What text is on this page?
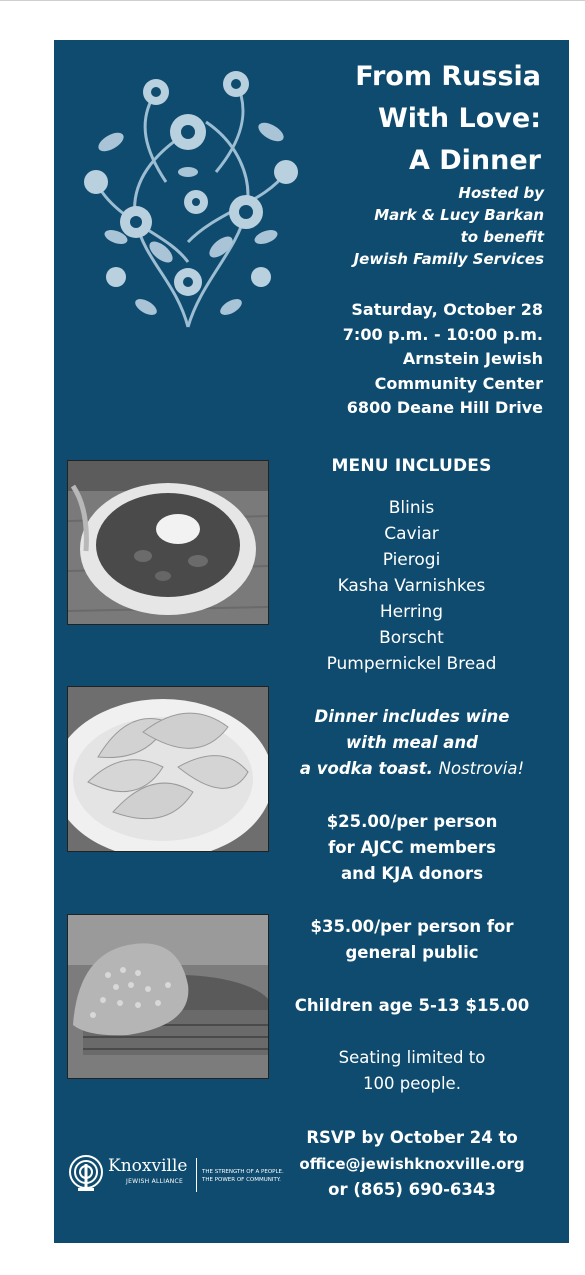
From Russia
With Love:
A Dinner
Hosted by
Mark & Lucy Barkan
to benefit
Jewish Family Services
Saturday, October 28
7:00 p.m. - 10:00 p.m.
Arnstein Jewish
Community Center
6800 Deane Hill Drive
MENU INCLUDES
Blinis
Caviar
Pierogi
Kasha Varnishkes
Herring
Borscht
Pumpernickel Bread
Dinner includes wine
with meal and
a vodka toast. Nostrovia!
$25.00/per person
for AJCC members
and KJA donors
$35.00/per person for
general public
Children age 5-13 $15.00
Seating limited to
100 people.
RSVP by October 24 to
office@jewishknoxville.org
or (865) 690-6343
Knoxville
JEWISH ALLIANCE
THE STRENGTH OF A PEOPLE.
THE POWER OF COMMUNITY.
